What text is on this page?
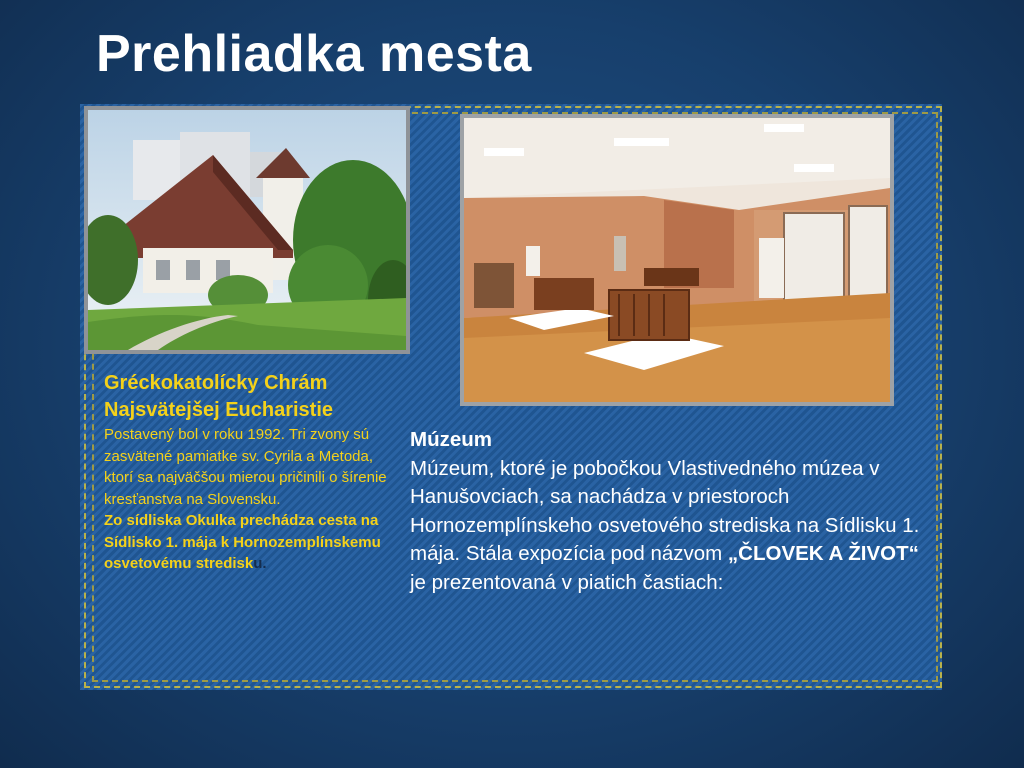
Prehliadka mesta
Gréckokatolícky Chrám Najsvätejšej Eucharistie
Postavený bol v roku 1992. Tri zvony sú zasvätené pamiatke sv. Cyrila a Metoda, ktorí sa najväčšou mierou pričinili o šírenie kresťanstva na Slovensku.
Zo sídliska Okulka prechádza cesta na Sídlisko 1. mája k Hornozemplínskemu osvetovému stredisku.
Múzeum
Múzeum, ktoré je pobočkou Vlastivedného múzea v Hanušovciach, sa nachádza v priestoroch Hornozemplínskeho osvetového strediska na Sídlisku 1. mája. Stála expozícia pod názvom „ČLOVEK A ŽIVOT“ je prezentovaná v piatich častiach:
